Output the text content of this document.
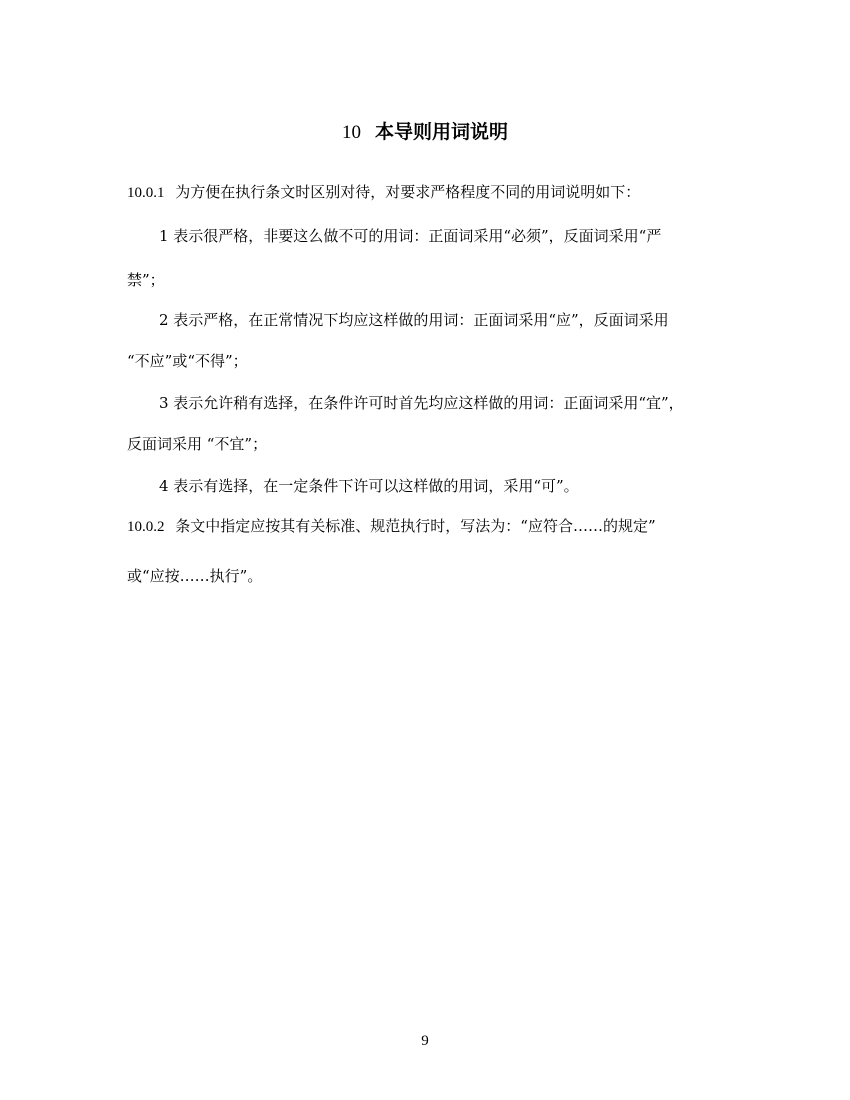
10 本导则用词说明
10.0.1 为方便在执行条文时区别对待，对要求严格程度不同的用词说明如下：
1 表示很严格，非要这么做不可的用词：正面词采用“必须”，反面词采用“严
禁”；
2 表示严格，在正常情况下均应这样做的用词：正面词采用“应”，反面词采用
“不应”或“不得”；
3 表示允许稍有选择，在条件许可时首先均应这样做的用词：正面词采用“宜”，
反面词采用 “不宜”；
4 表示有选择，在一定条件下许可以这样做的用词，采用“可”。
10.0.2 条文中指定应按其有关标准、规范执行时，写法为：“应符合……的规定”
或“应按……执行”。
9
